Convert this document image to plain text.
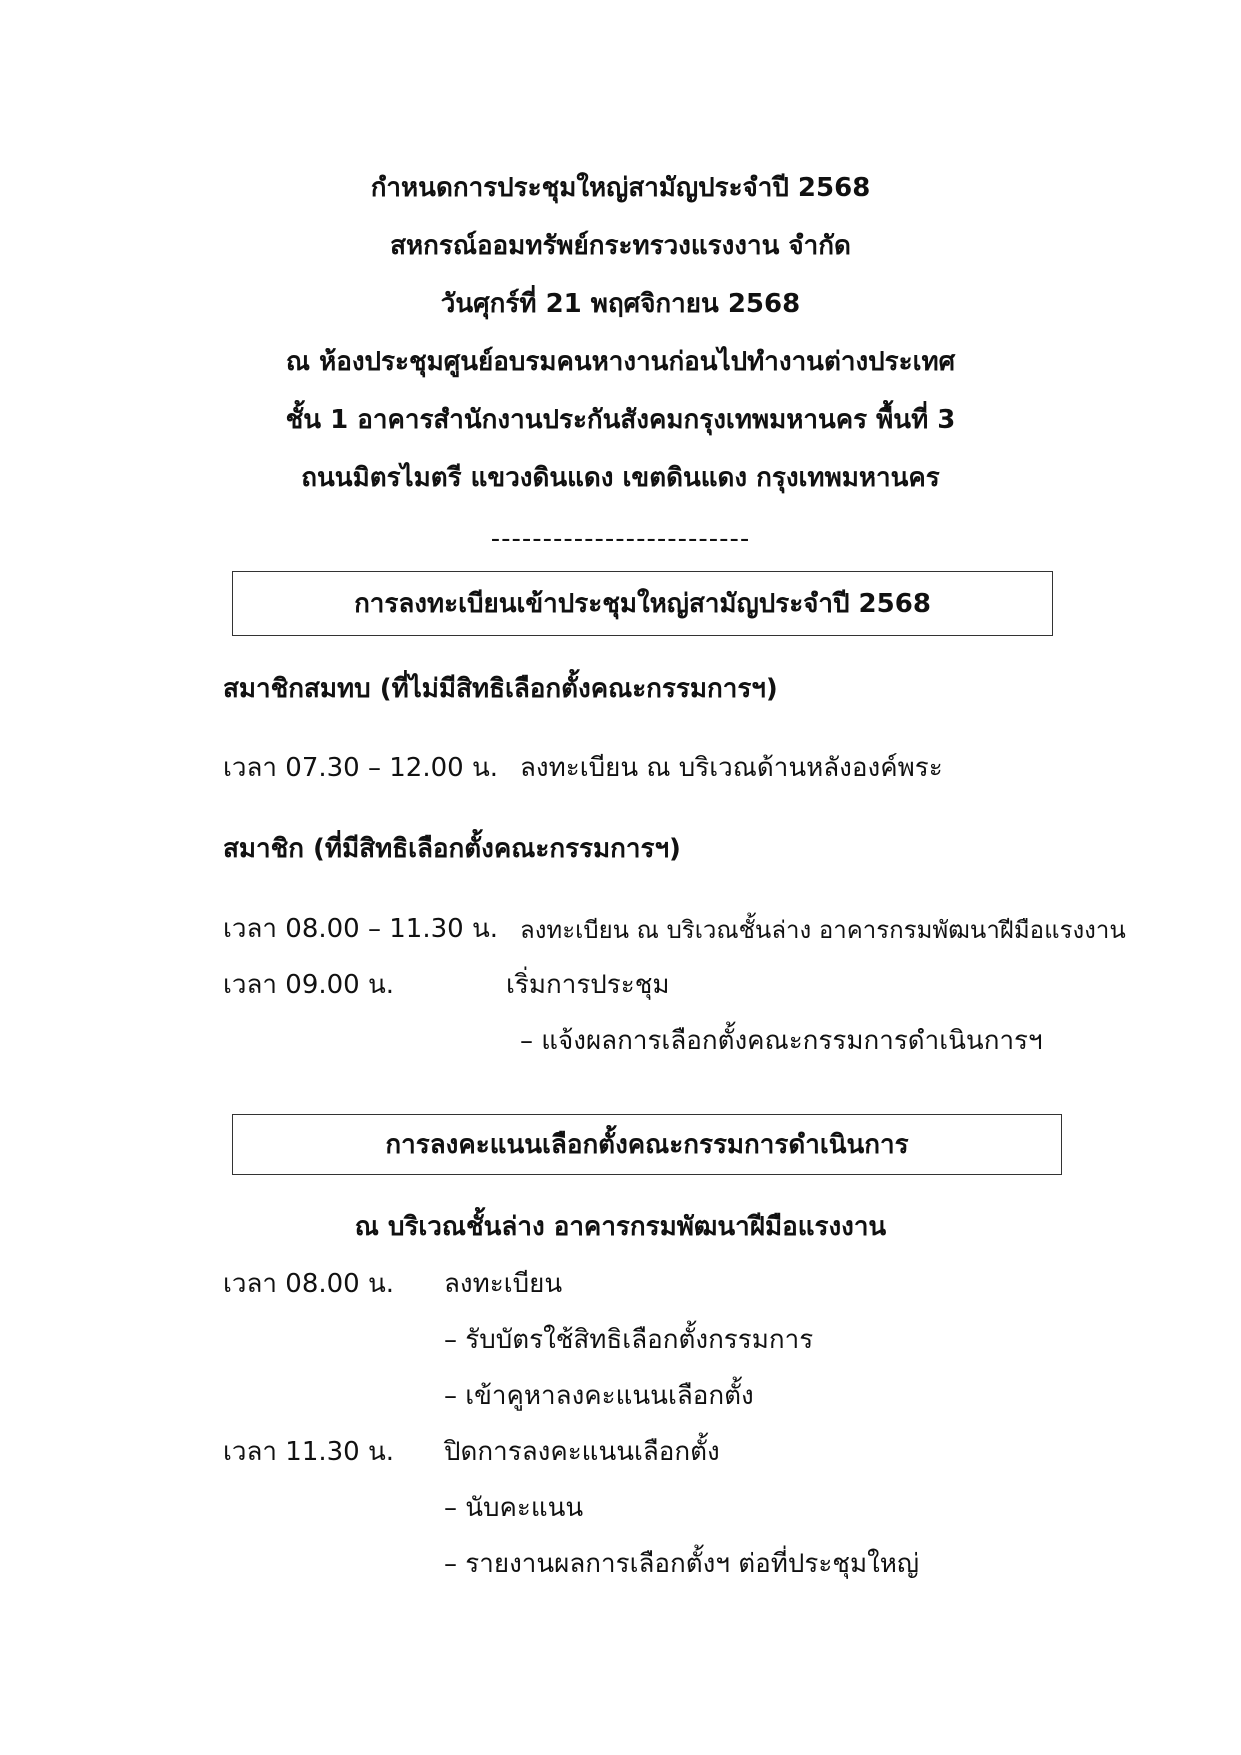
กำหนดการประชุมใหญ่สามัญประจำปี 2568
สหกรณ์ออมทรัพย์กระทรวงแรงงาน จำกัด
วันศุกร์ที่ 21 พฤศจิกายน 2568
ณ ห้องประชุมศูนย์อบรมคนหางานก่อนไปทำงานต่างประเทศ
ชั้น 1 อาคารสำนักงานประกันสังคมกรุงเทพมหานคร พื้นที่ 3
ถนนมิตรไมตรี แขวงดินแดง เขตดินแดง กรุงเทพมหานคร
-------------------------
การลงทะเบียนเข้าประชุมใหญ่สามัญประจำปี 2568
สมาชิกสมทบ (ที่ไม่มีสิทธิเลือกตั้งคณะกรรมการฯ)
เวลา 07.30 – 12.00 น. ลงทะเบียน ณ บริเวณด้านหลังองค์พระ
สมาชิก (ที่มีสิทธิเลือกตั้งคณะกรรมการฯ)
เวลา 08.00 – 11.30 น. ลงทะเบียน ณ บริเวณชั้นล่าง อาคารกรมพัฒนาฝีมือแรงงาน
เวลา 09.00 น.	เริ่มการประชุม
– แจ้งผลการเลือกตั้งคณะกรรมการดำเนินการฯ
การลงคะแนนเลือกตั้งคณะกรรมการดำเนินการ
ณ บริเวณชั้นล่าง อาคารกรมพัฒนาฝีมือแรงงาน
เวลา 08.00 น. ลงทะเบียน
– รับบัตรใช้สิทธิเลือกตั้งกรรมการ
– เข้าคูหาลงคะแนนเลือกตั้ง
เวลา 11.30 น. ปิดการลงคะแนนเลือกตั้ง
– นับคะแนน
– รายงานผลการเลือกตั้งฯ ต่อที่ประชุมใหญ่
